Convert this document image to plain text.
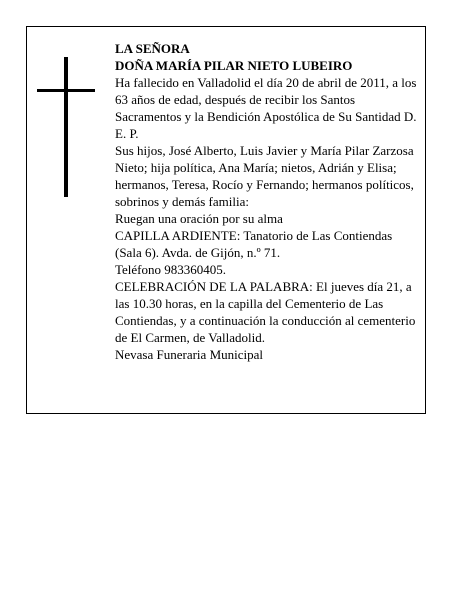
LA SEÑORA

DOÑA MARÍA PILAR NIETO LUBEIRO

Ha fallecido en Valladolid el día 20 de abril de 2011, a los 63 años de edad, después de recibir los Santos Sacramentos y la Bendición Apostólica de Su Santidad D. E. P.

Sus hijos, José Alberto, Luis Javier y María Pilar Zarzosa Nieto; hija política, Ana María; nietos, Adrián y Elisa; hermanos, Teresa, Rocío y Fernando; hermanos políticos, sobrinos y demás familia:

Ruegan una oración por su alma

CAPILLA ARDIENTE: Tanatorio de Las Contiendas (Sala 6). Avda. de Gijón, n.º 71.

Teléfono 983360405.

CELEBRACIÓN DE LA PALABRA: El jueves día 21, a las 10.30 horas, en la capilla del Cementerio de Las Contiendas, y a continuación la conducción al cementerio de El Carmen, de Valladolid.

Nevasa Funeraria Municipal
